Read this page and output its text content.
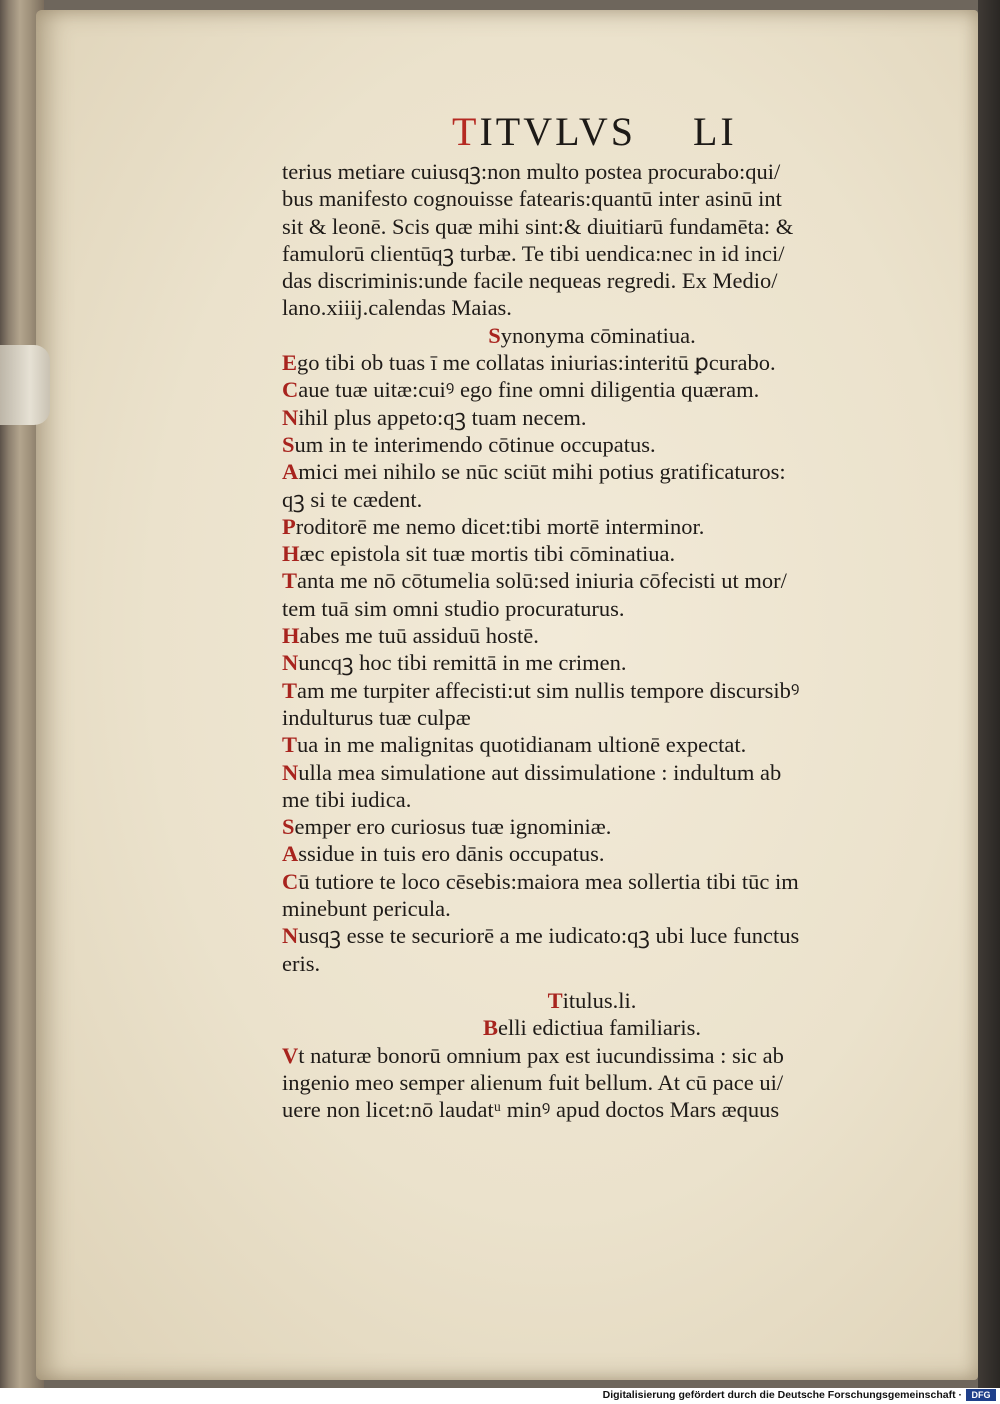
TITVLVS LI
terius metiare cuiusqꝫ:non multo postea procurabo:qui/
bus manifesto cognouisse fatearis:quantū inter asinū int
sit & leonē. Scis quæ mihi sint:& diuitiarū fundamēta: &
famulorū clientūqꝫ turbæ. Te tibi uendica:nec in id inci/
das discriminis:unde facile nequeas regredi. Ex Medio/
lano.xiiij.calendas Maias.
Synonyma cōminatiua.
Ego tibi ob tuas ī me collatas iniurias:interitū ꝑcurabo.
Caue tuæ uitæ:cuiꝰ ego fine omni diligentia quæram.
Nihil plus appeto:qꝫ tuam necem.
Sum in te interimendo cōtinue occupatus.
Amici mei nihilo se nūc sciūt mihi potius gratificaturos:
qꝫ si te cædent.
Proditorē me nemo dicet:tibi mortē interminor.
Hæc epistola sit tuæ mortis tibi cōminatiua.
Tanta me nō cōtumelia solū:sed iniuria cōfecisti ut mor/
tem tuā sim omni studio procuraturus.
Habes me tuū assiduū hostē.
Nuncqꝫ hoc tibi remittā in me crimen.
Tam me turpiter affecisti:ut sim nullis tempore discursibꝰ
indulturus tuæ culpæ
Tua in me malignitas quotidianam ultionē expectat.
Nulla mea simulatione aut dissimulatione : indultum ab
me tibi iudica.
Semper ero curiosus tuæ ignominiæ.
Assidue in tuis ero dānis occupatus.
Cū tutiore te loco cēsebis:maiora mea sollertia tibi tūc im
minebunt pericula.
Nusqꝫ esse te securiorē a me iudicato:qꝫ ubi luce functus
eris.
Titulus.li.
Belli edictiua familiaris.
Vt naturæ bonorū omnium pax est iucundissima : sic ab
ingenio meo semper alienum fuit bellum. At cū pace ui/
uere non licet:nō laudatᵘ minꝰ apud doctos Mars æquus
Digitalisierung gefördert durch die Deutsche Forschungsgemeinschaft ·	DFG
